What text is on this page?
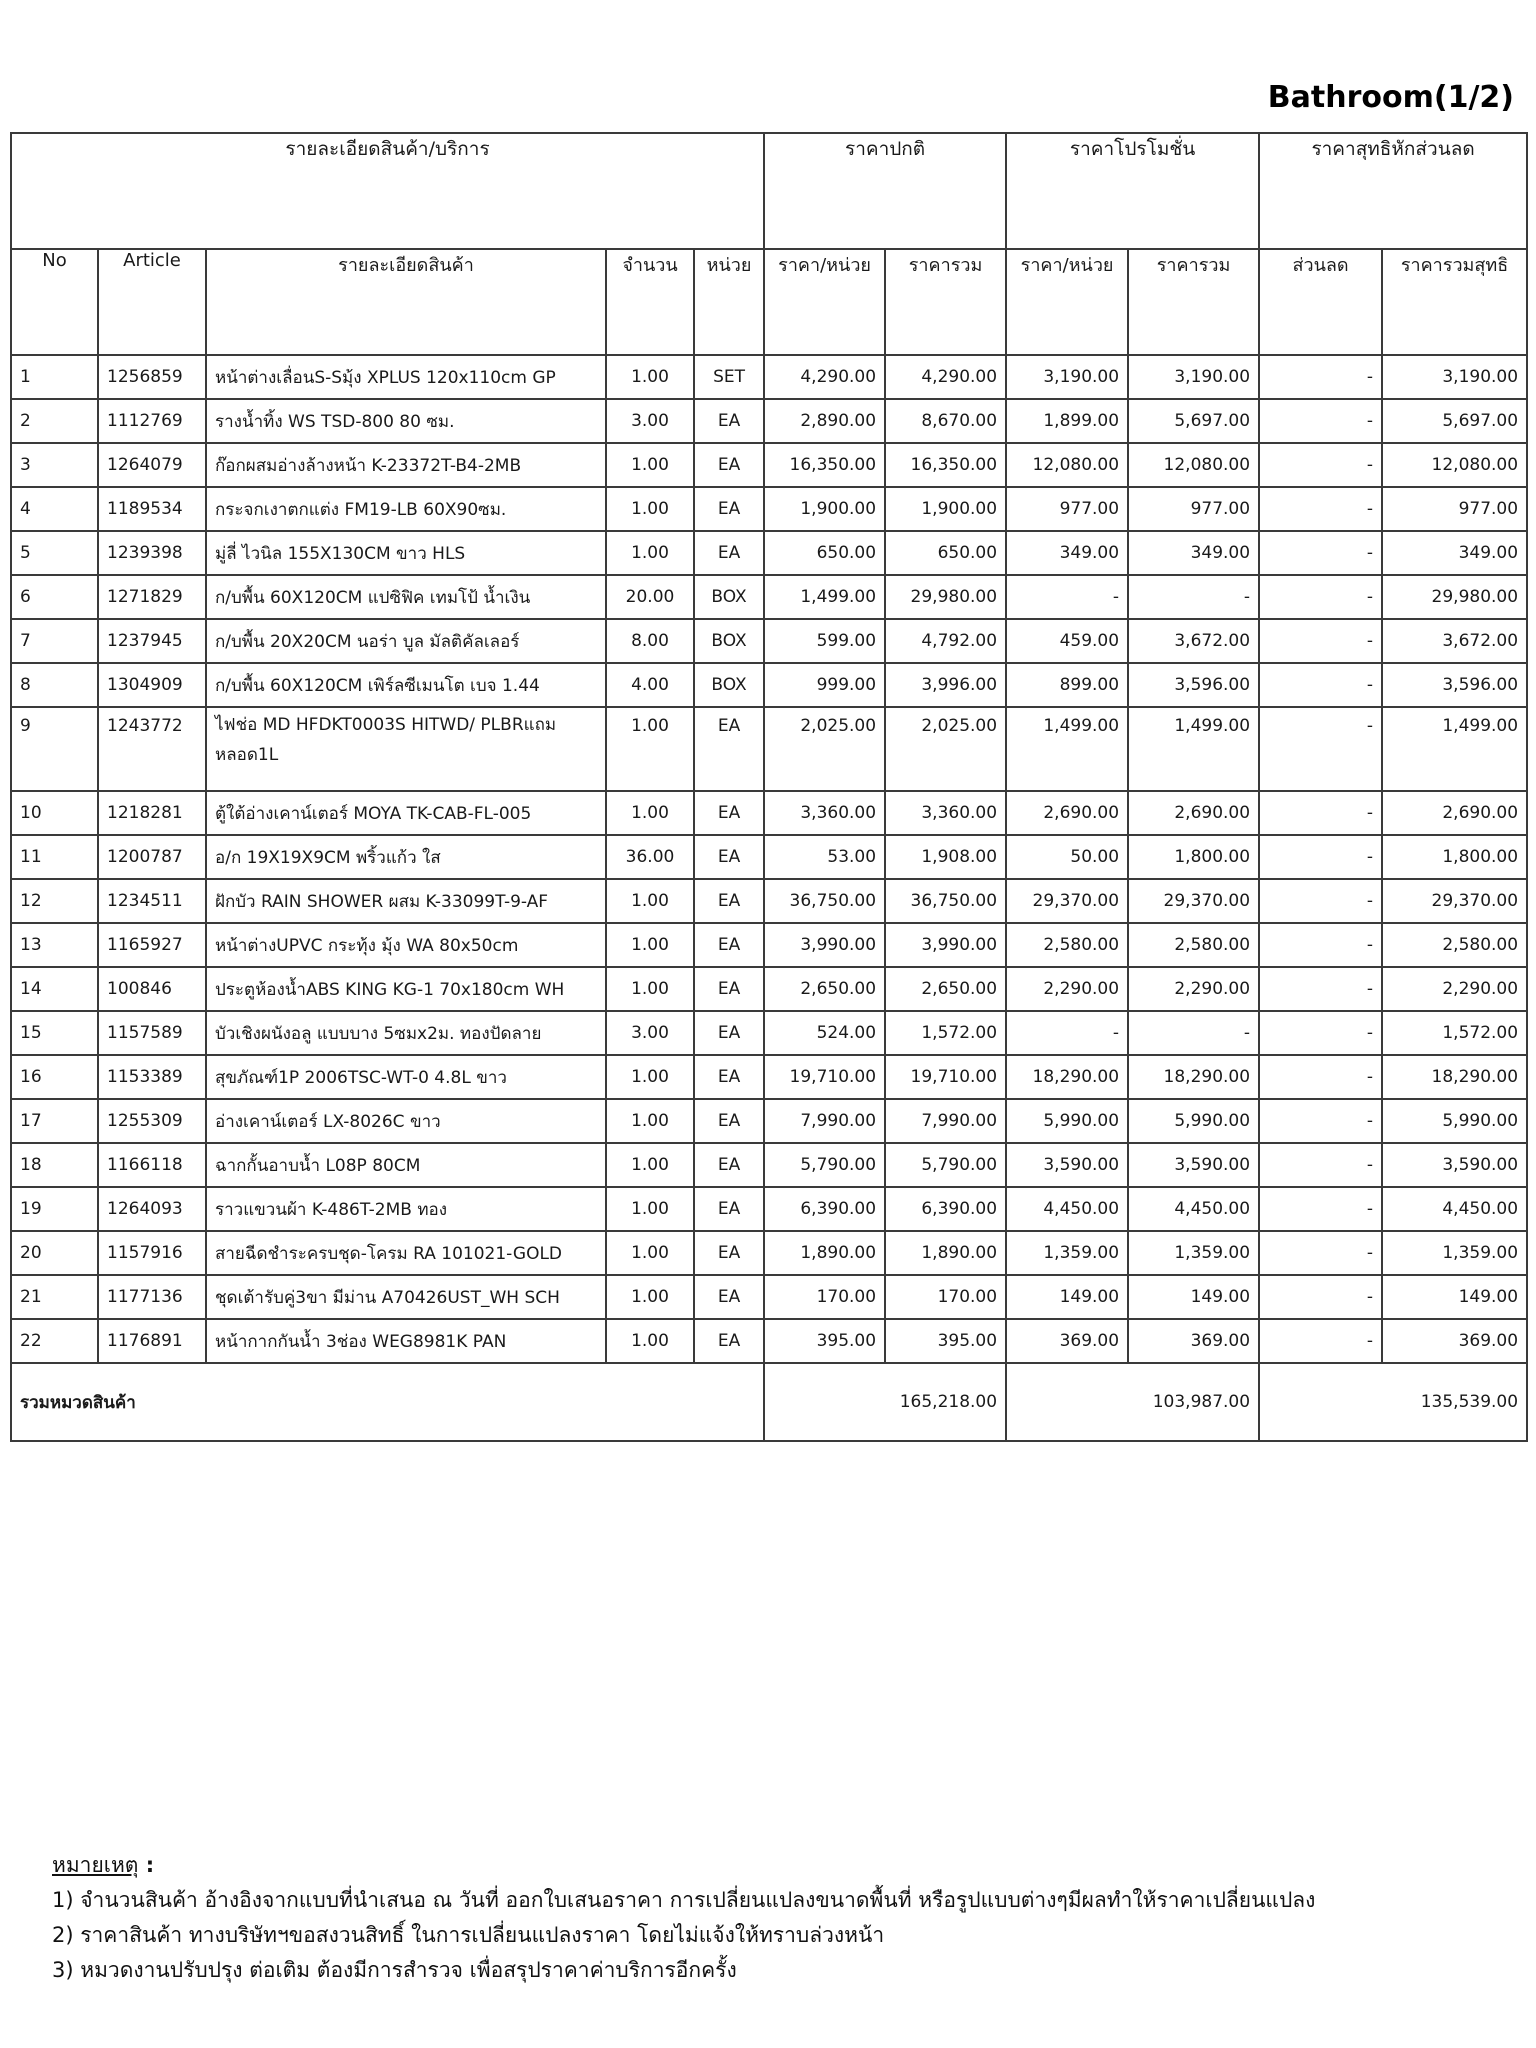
Bathroom(1/2)
รายละเอียดสินค้า/บริการ					ราคาปกติ		ราคาโปรโมชั่น		ราคาสุทธิหักส่วนลด	
No	Article	รายละเอียดสินค้า	จำนวน	หน่วย	ราคา/หน่วย	ราคารวม	ราคา/หน่วย	ราคารวม	ส่วนลด	ราคารวมสุทธิ
1	1256859	หน้าต่างเลื่อนS-Sมุ้ง XPLUS 120x110cm GP	1.00	SET	4,290.00	4,290.00	3,190.00	3,190.00	-	3,190.00
2	1112769	รางน้ำทิ้ง WS TSD-800 80 ซม.	3.00	EA	2,890.00	8,670.00	1,899.00	5,697.00	-	5,697.00
3	1264079	ก๊อกผสมอ่างล้างหน้า K-23372T-B4-2MB	1.00	EA	16,350.00	16,350.00	12,080.00	12,080.00	-	12,080.00
4	1189534	กระจกเงาตกแต่ง FM19-LB 60X90ซม.	1.00	EA	1,900.00	1,900.00	977.00	977.00	-	977.00
5	1239398	มู่ลี่ ไวนิล 155X130CM ขาว HLS	1.00	EA	650.00	650.00	349.00	349.00	-	349.00
6	1271829	ก/บพื้น 60X120CM แปซิฟิค เทมโป้ น้ำเงิน	20.00	BOX	1,499.00	29,980.00	-	-	-	29,980.00
7	1237945	ก/บพื้น 20X20CM นอร่า บูล มัลติคัลเลอร์	8.00	BOX	599.00	4,792.00	459.00	3,672.00	-	3,672.00
8	1304909	ก/บพื้น 60X120CM เพิร์ลซีเมนโต เบจ 1.44	4.00	BOX	999.00	3,996.00	899.00	3,596.00	-	3,596.00
9	1243772	ไฟช่อ MD HFDKT0003S HITWD/ PLBRแถมหลอด1L	1.00	EA	2,025.00	2,025.00	1,499.00	1,499.00	-	1,499.00
10	1218281	ตู้ใต้อ่างเคาน์เตอร์ MOYA TK-CAB-FL-005	1.00	EA	3,360.00	3,360.00	2,690.00	2,690.00	-	2,690.00
11	1200787	อ/ก 19X19X9CM พริ้วแก้ว ใส	36.00	EA	53.00	1,908.00	50.00	1,800.00	-	1,800.00
12	1234511	ฝักบัว RAIN SHOWER ผสม K-33099T-9-AF	1.00	EA	36,750.00	36,750.00	29,370.00	29,370.00	-	29,370.00
13	1165927	หน้าต่างUPVC กระทุ้ง มุ้ง WA 80x50cm	1.00	EA	3,990.00	3,990.00	2,580.00	2,580.00	-	2,580.00
14	100846	ประตูห้องน้ำABS KING KG-1 70x180cm WH	1.00	EA	2,650.00	2,650.00	2,290.00	2,290.00	-	2,290.00
15	1157589	บัวเชิงผนังอลู แบบบาง 5ซมx2ม. ทองปัดลาย	3.00	EA	524.00	1,572.00	-	-	-	1,572.00
16	1153389	สุขภัณฑ์1P 2006TSC-WT-0 4.8L ขาว	1.00	EA	19,710.00	19,710.00	18,290.00	18,290.00	-	18,290.00
17	1255309	อ่างเคาน์เตอร์ LX-8026C ขาว	1.00	EA	7,990.00	7,990.00	5,990.00	5,990.00	-	5,990.00
18	1166118	ฉากกั้นอาบน้ำ L08P 80CM	1.00	EA	5,790.00	5,790.00	3,590.00	3,590.00	-	3,590.00
19	1264093	ราวแขวนผ้า K-486T-2MB ทอง	1.00	EA	6,390.00	6,390.00	4,450.00	4,450.00	-	4,450.00
20	1157916	สายฉีดชำระครบชุด-โครม RA 101021-GOLD	1.00	EA	1,890.00	1,890.00	1,359.00	1,359.00	-	1,359.00
21	1177136	ชุดเต้ารับคู่3ขา มีม่าน A70426UST_WH SCH	1.00	EA	170.00	170.00	149.00	149.00	-	149.00
22	1176891	หน้ากากกันน้ำ 3ช่อง WEG8981K PAN	1.00	EA	395.00	395.00	369.00	369.00	-	369.00
รวมหมวดสินค้า					165,218.00		103,987.00		135,539.00	
หมายเหตุ :
1) จำนวนสินค้า อ้างอิงจากแบบที่นำเสนอ ณ วันที่ ออกใบเสนอราคา การเปลี่ยนแปลงขนาดพื้นที่ หรือรูปแบบต่างๆมีผลทำให้ราคาเปลี่ยนแปลง
2) ราคาสินค้า ทางบริษัทฯขอสงวนสิทธิ์ ในการเปลี่ยนแปลงราคา โดยไม่แจ้งให้ทราบล่วงหน้า
3) หมวดงานปรับปรุง ต่อเติม ต้องมีการสำรวจ เพื่อสรุปราคาค่าบริการอีกครั้ง
